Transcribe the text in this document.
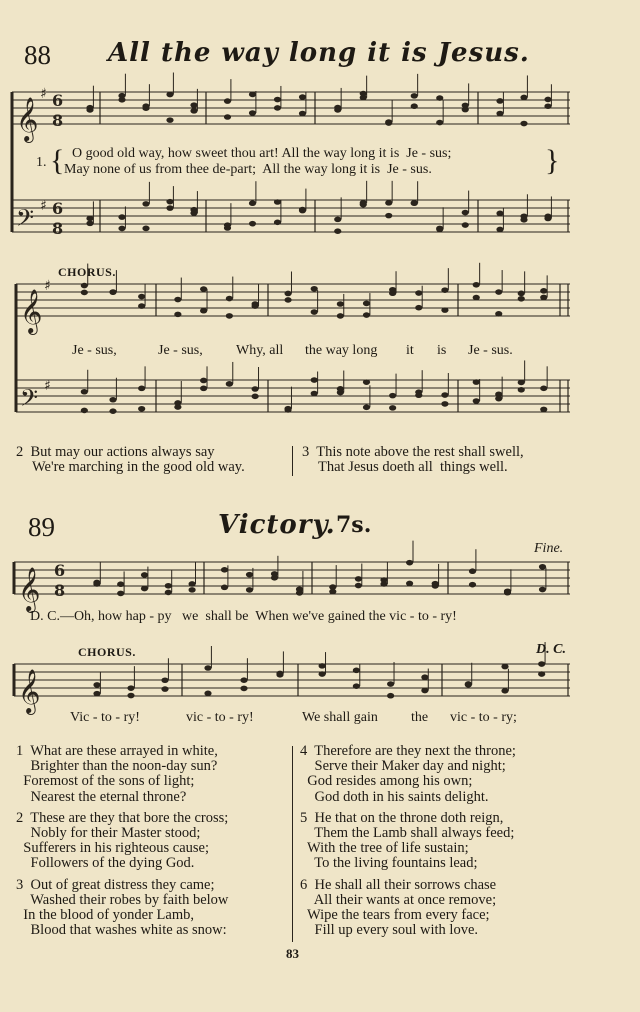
88 All the way long it is Jesus.
𝄞
♯ 6
8
𝄢 ♯ 6
8
𝄞
♯
𝄢 ♯
𝄞 6
8
𝄞
1. { O good old way, how sweet thou art! All the way long it is  Je - sus;
May none of us from thee de-part;  All the way long it is  Je - sus.	}
CHORUS.
Je - sus,	Je - sus, Why, all the way long it is Je - sus.
2  But may our actions always say
We're marching in the good old way.
3  This note above the rest shall swell,
That Jesus doeth all  things well.
89	Victory. 7s.
Fine.
D. C.—Oh, how hap - py   we  shall be  When we've gained the vic - to - ry!
CHORUS.	D. C.
Vic - to - ry!	vic - to - ry!	We shall gain the vic - to - ry;
1  What are these arrayed in white,
Brighter than the noon-day sun?
Foremost of the sons of light;
Nearest the eternal throne?
2  These are they that bore the cross;
Nobly for their Master stood;
Sufferers in his righteous cause;
Followers of the dying God.
3  Out of great distress they came;
Washed their robes by faith below
In the blood of yonder Lamb,
Blood that washes white as snow:
4  Therefore are they next the throne;
Serve their Maker day and night;
God resides among his own;
God doth in his saints delight.
5  He that on the throne doth reign,
Them the Lamb shall always feed;
With the tree of life sustain;
To the living fountains lead;
6  He shall all their sorrows chase
All their wants at once remove;
Wipe the tears from every face;
Fill up every soul with love.
83
